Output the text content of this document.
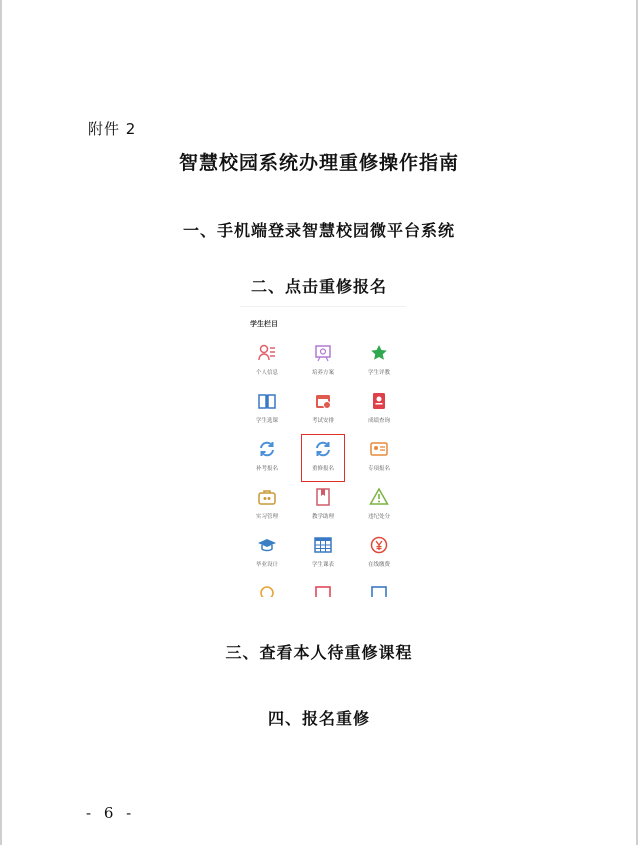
附件 2
智慧校园系统办理重修操作指南
一、手机端登录智慧校园微平台系统
二、点击重修报名
学生栏目
个人信息	培养方案	学生评教
学生选课	考试安排	成绩查询
补考报名	重修报名	专项报名
实习管理	教学助理	违纪处分
毕业设计	学生课表	在线缴费
三、查看本人待重修课程
四、报名重修
- 6 -
